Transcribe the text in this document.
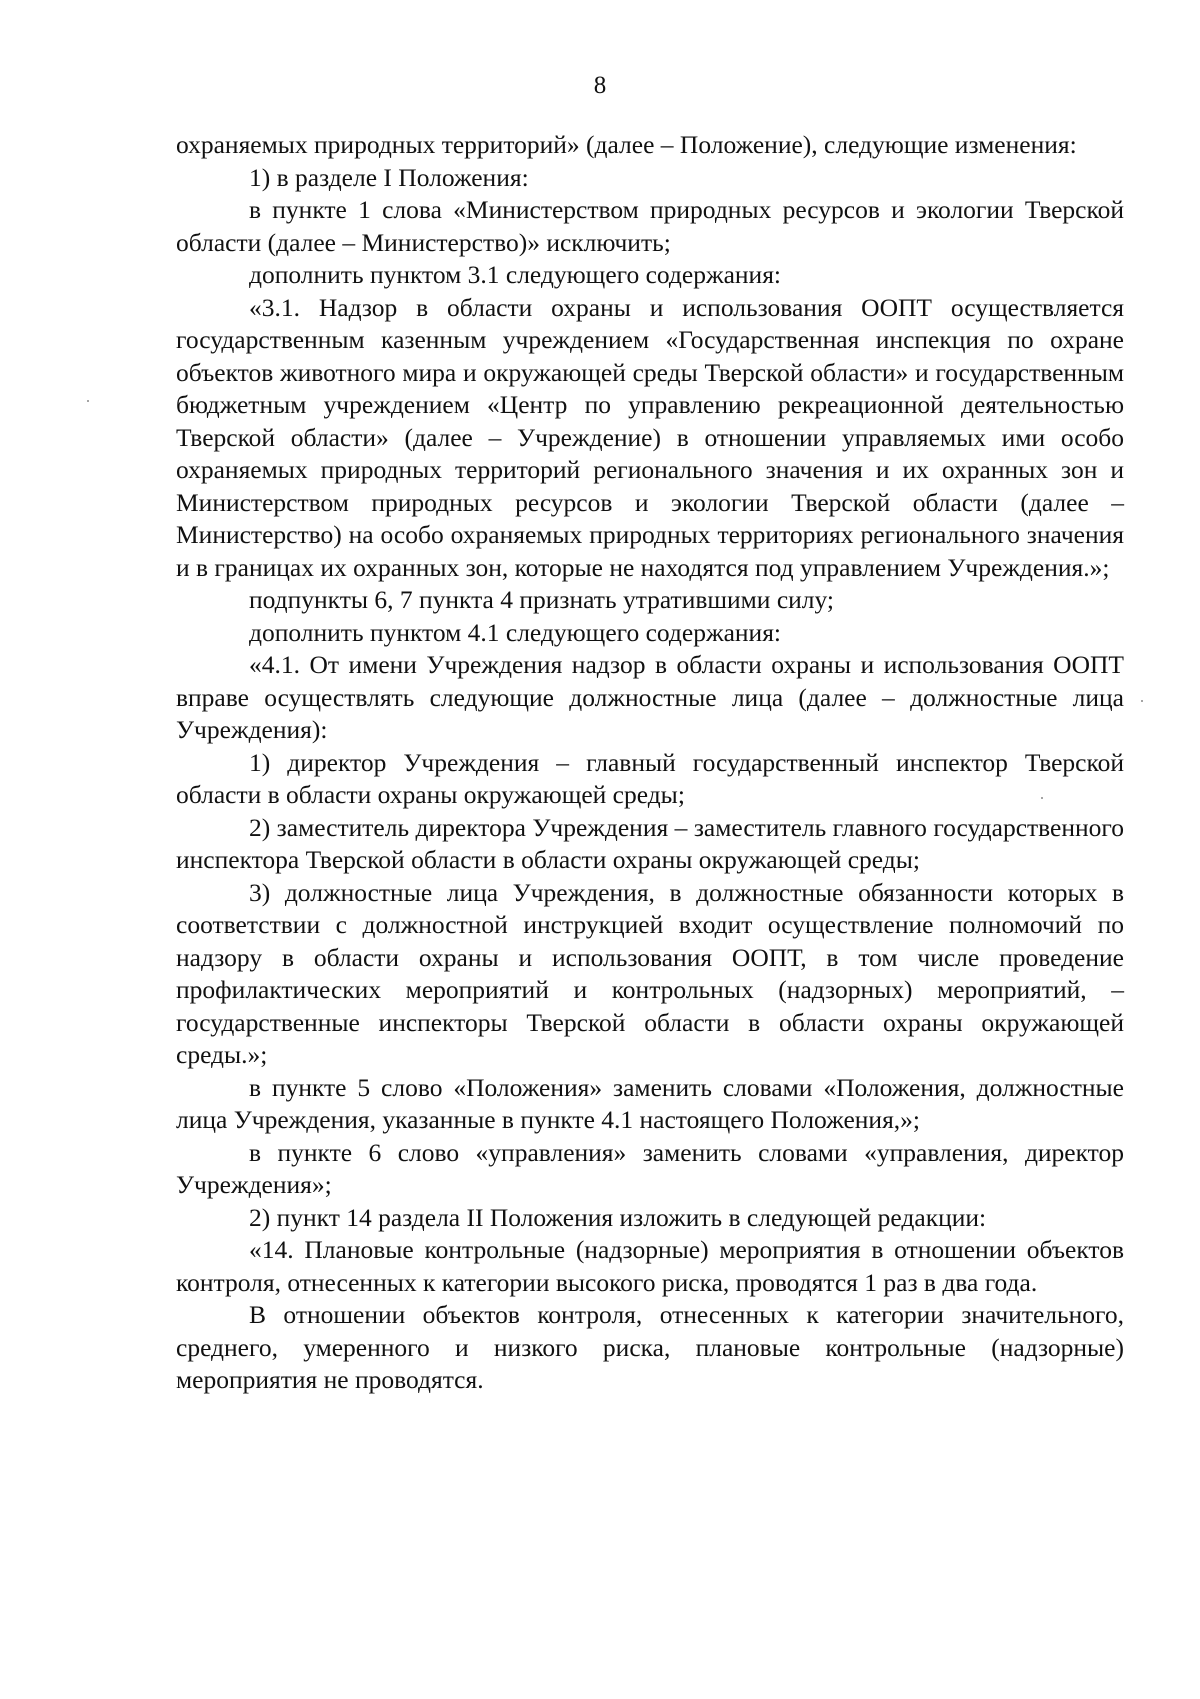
8

охраняемых природных территорий» (далее – Положение), следующие изменения:

1) в разделе I Положения:

в пункте 1 слова «Министерством природных ресурсов и экологии Тверской области (далее – Министерство)» исключить;

дополнить пунктом 3.1 следующего содержания:

«3.1. Надзор в области охраны и использования ООПТ осуществляется государственным казенным учреждением «Государственная инспекция по охране объектов животного мира и окружающей среды Тверской области» и государственным бюджетным учреждением «Центр по управлению рекреационной деятельностью Тверской области» (далее – Учреждение) в отношении управляемых ими особо охраняемых природных территорий регионального значения и их охранных зон и Министерством природных ресурсов и экологии Тверской области (далее – Министерство) на особо охраняемых природных территориях регионального значения и в границах их охранных зон, которые не находятся под управлением Учреждения.»;

подпункты 6, 7 пункта 4 признать утратившими силу;

дополнить пунктом 4.1 следующего содержания:

«4.1. От имени Учреждения надзор в области охраны и использования ООПТ вправе осуществлять следующие должностные лица (далее – должностные лица Учреждения):

1) директор Учреждения – главный государственный инспектор Тверской области в области охраны окружающей среды;

2) заместитель директора Учреждения – заместитель главного государственного инспектора Тверской области в области охраны окружающей среды;

3) должностные лица Учреждения, в должностные обязанности которых в соответствии с должностной инструкцией входит осуществление полномочий по надзору в области охраны и использования ООПТ, в том числе проведение профилактических мероприятий и контрольных (надзорных) мероприятий, – государственные инспекторы Тверской области в области охраны окружающей среды.»;

в пункте 5 слово «Положения» заменить словами «Положения, должностные лица Учреждения, указанные в пункте 4.1 настоящего Положения,»;

в пункте 6 слово «управления» заменить словами «управления, директор Учреждения»;

2) пункт 14 раздела II Положения изложить в следующей редакции:

«14. Плановые контрольные (надзорные) мероприятия в отношении объектов контроля, отнесенных к категории высокого риска, проводятся 1 раз в два года.

В отношении объектов контроля, отнесенных к категории значительного, среднего, умеренного и низкого риска, плановые контрольные (надзорные) мероприятия не проводятся.
